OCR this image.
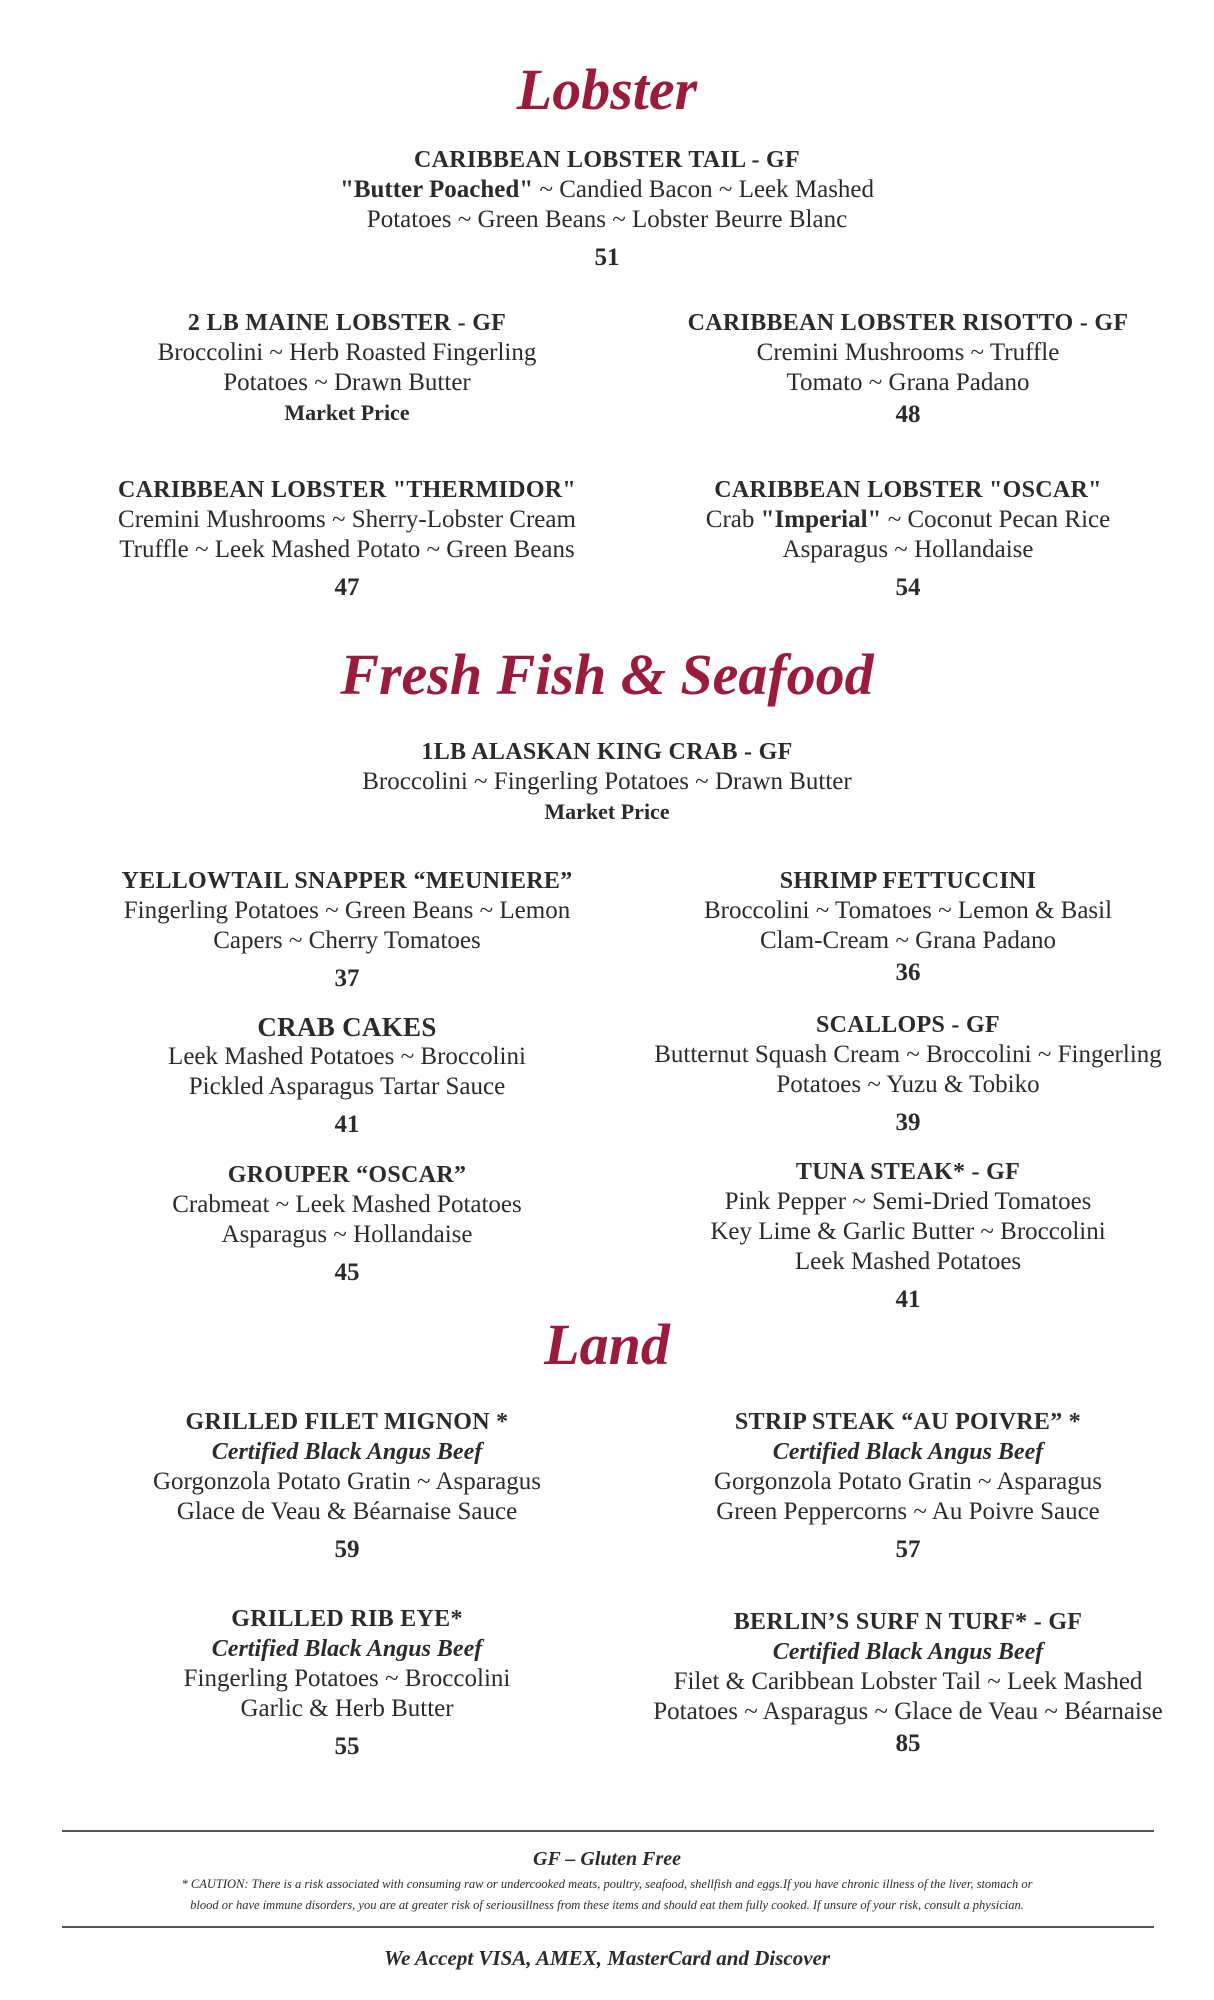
Lobster
CARIBBEAN LOBSTER TAIL - GF
"Butter Poached" ~ Candied Bacon ~ Leek Mashed
Potatoes ~ Green Beans ~ Lobster Beurre Blanc
51
2 LB MAINE LOBSTER - GF
Broccolini ~ Herb Roasted Fingerling
Potatoes ~ Drawn Butter
Market Price
CARIBBEAN LOBSTER RISOTTO - GF
Cremini Mushrooms ~ Truffle
Tomato ~ Grana Padano
48
CARIBBEAN LOBSTER "THERMIDOR"
Cremini Mushrooms ~ Sherry-Lobster Cream
Truffle ~ Leek Mashed Potato ~ Green Beans
47
CARIBBEAN LOBSTER "OSCAR"
Crab "Imperial" ~ Coconut Pecan Rice
Asparagus ~ Hollandaise
54
Fresh Fish & Seafood
1LB ALASKAN KING CRAB - GF
Broccolini ~ Fingerling Potatoes ~ Drawn Butter
Market Price
YELLOWTAIL SNAPPER “MEUNIERE”
Fingerling Potatoes ~ Green Beans ~ Lemon
Capers ~ Cherry Tomatoes
37
SHRIMP FETTUCCINI
Broccolini ~ Tomatoes ~ Lemon & Basil
Clam-Cream ~ Grana Padano
36
CRAB CAKES
Leek Mashed Potatoes ~ Broccolini
Pickled Asparagus Tartar Sauce
41
SCALLOPS - GF
Butternut Squash Cream ~ Broccolini ~ Fingerling
Potatoes ~ Yuzu & Tobiko
39
GROUPER “OSCAR”
Crabmeat ~ Leek Mashed Potatoes
Asparagus ~ Hollandaise
45
TUNA STEAK* - GF
Pink Pepper ~ Semi-Dried Tomatoes
Key Lime & Garlic Butter ~ Broccolini
Leek Mashed Potatoes
41
Land
GRILLED FILET MIGNON *
Certified Black Angus Beef
Gorgonzola Potato Gratin ~ Asparagus
Glace de Veau & Béarnaise Sauce
59
STRIP STEAK “AU POIVRE” *
Certified Black Angus Beef
Gorgonzola Potato Gratin ~ Asparagus
Green Peppercorns ~ Au Poivre Sauce
57
GRILLED RIB EYE*
Certified Black Angus Beef
Fingerling Potatoes ~ Broccolini
Garlic & Herb Butter
55
BERLIN’S SURF N TURF* - GF
Certified Black Angus Beef
Filet & Caribbean Lobster Tail ~ Leek Mashed
Potatoes ~ Asparagus ~ Glace de Veau ~ Béarnaise
85
GF – Gluten Free
* CAUTION: There is a risk associated with consuming raw or undercooked meats, poultry, seafood, shellfish and eggs.If you have chronic illness of the liver, stomach or
blood or have immune disorders, you are at greater risk of seriousillness from these items and should eat them fully cooked. If unsure of your risk, consult a physician.
We Accept VISA, AMEX, MasterCard and Discover
